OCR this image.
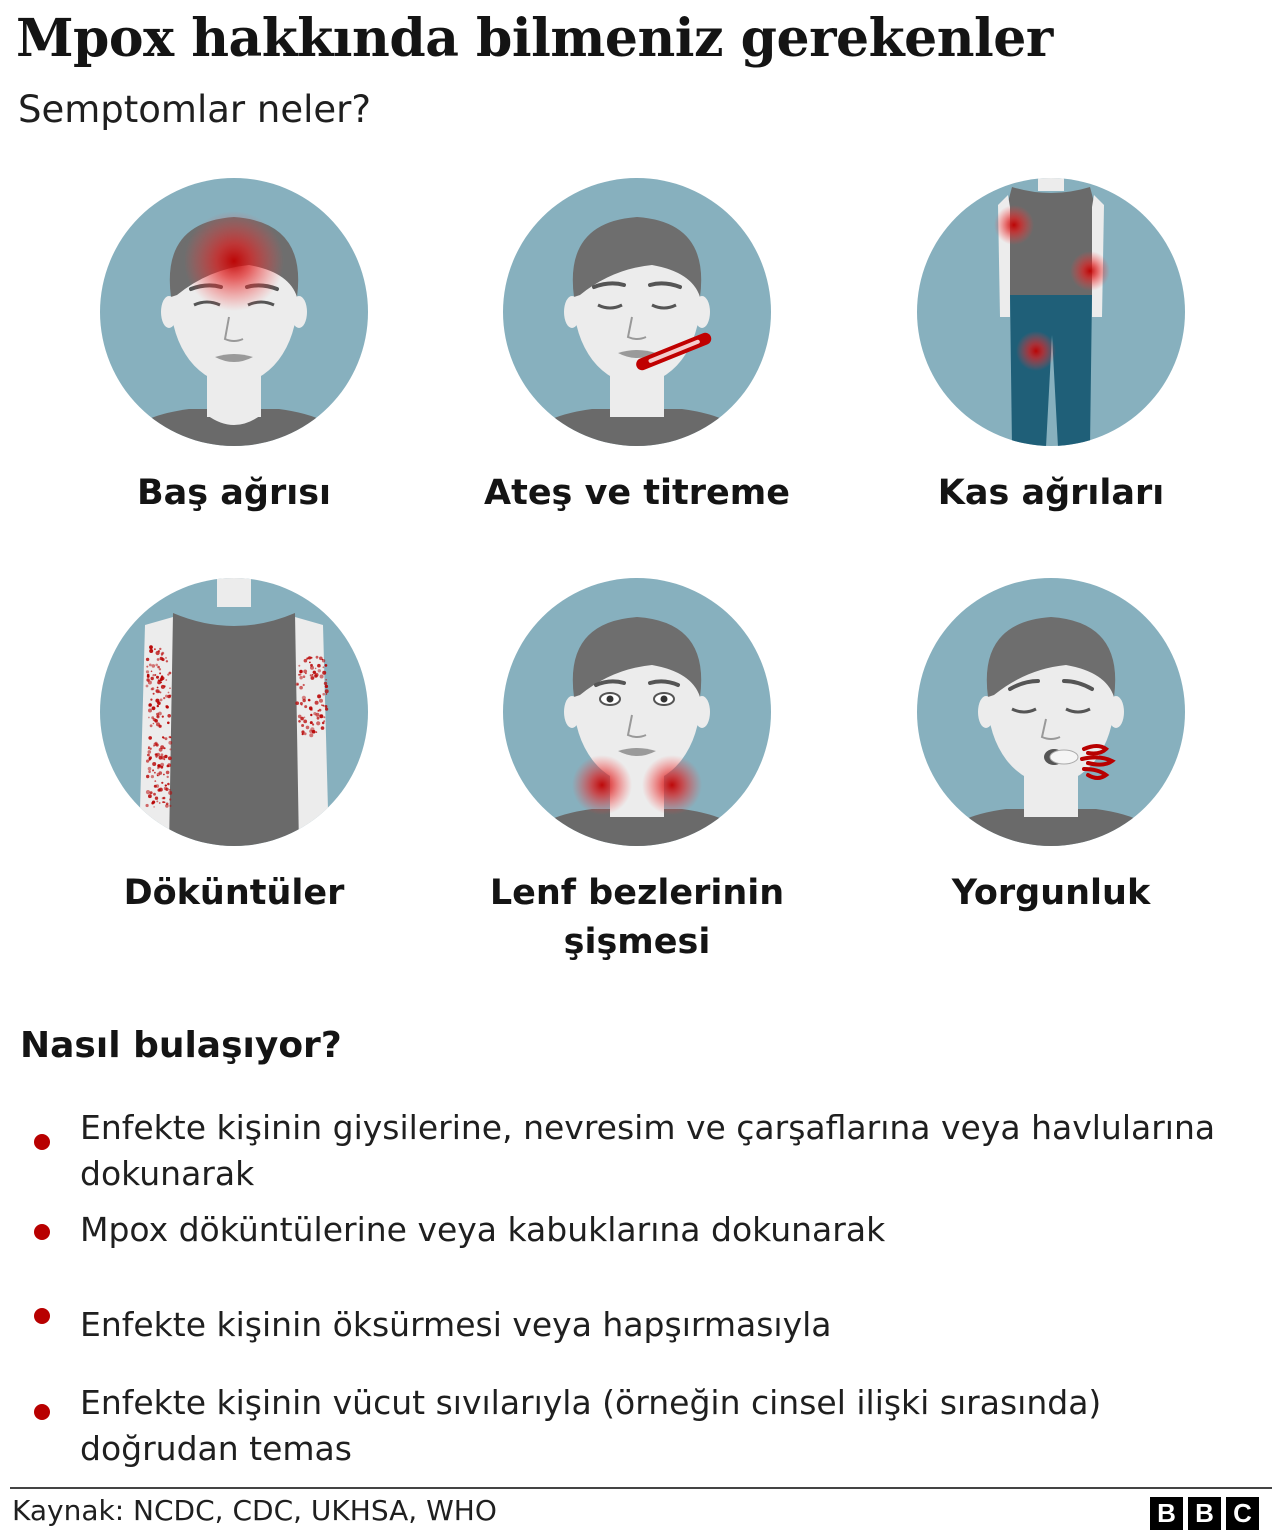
Mpox hakkında bilmeniz gerekenler
Semptomlar neler?
Baş ağrısı	Ateş ve titreme	Kas ağrıları
Döküntüler	Lenf bezlerinin şişmesi
Yorgunluk
Nasıl bulaşıyor?
Enfekte kişinin giysilerine, nevresim ve çarşaflarına veya havlularına dokunarak
Mpox döküntülerine veya kabuklarına dokunarak
Enfekte kişinin öksürmesi veya hapşırmasıyla
Enfekte kişinin vücut sıvılarıyla (örneğin cinsel ilişki sırasında) doğrudan temas
Kaynak: NCDC, CDC, UKHSA, WHO	B B C
